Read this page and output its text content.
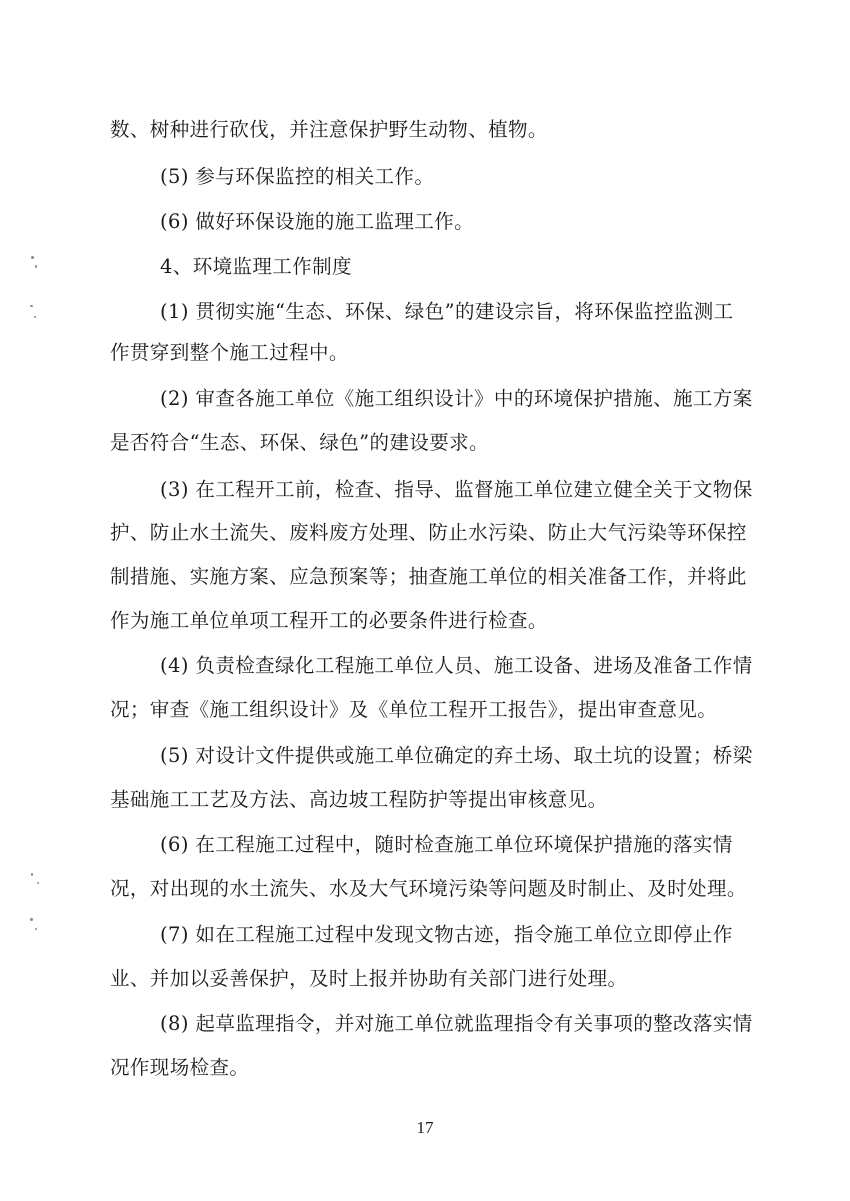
数、树种进行砍伐，并注意保护野生动物、植物。
(5) 参与环保监控的相关工作。
(6) 做好环保设施的施工监理工作。
4、环境监理工作制度
(1) 贯彻实施“生态、环保、绿色”的建设宗旨，将环保监控监测工
作贯穿到整个施工过程中。
(2) 审查各施工单位《施工组织设计》中的环境保护措施、施工方案
是否符合“生态、环保、绿色”的建设要求。
(3) 在工程开工前，检查、指导、监督施工单位建立健全关于文物保
护、防止水土流失、废料废方处理、防止水污染、防止大气污染等环保控
制措施、实施方案、应急预案等；抽查施工单位的相关准备工作，并将此
作为施工单位单项工程开工的必要条件进行检查。
(4) 负责检查绿化工程施工单位人员、施工设备、进场及准备工作情
况；审查《施工组织设计》及《单位工程开工报告》，提出审查意见。
(5) 对设计文件提供或施工单位确定的弃土场、取土坑的设置；桥梁
基础施工工艺及方法、高边坡工程防护等提出审核意见。
(6) 在工程施工过程中，随时检查施工单位环境保护措施的落实情
况，对出现的水土流失、水及大气环境污染等问题及时制止、及时处理。
(7) 如在工程施工过程中发现文物古迹，指令施工单位立即停止作
业、并加以妥善保护，及时上报并协助有关部门进行处理。
(8) 起草监理指令，并对施工单位就监理指令有关事项的整改落实情
况作现场检查。
17
